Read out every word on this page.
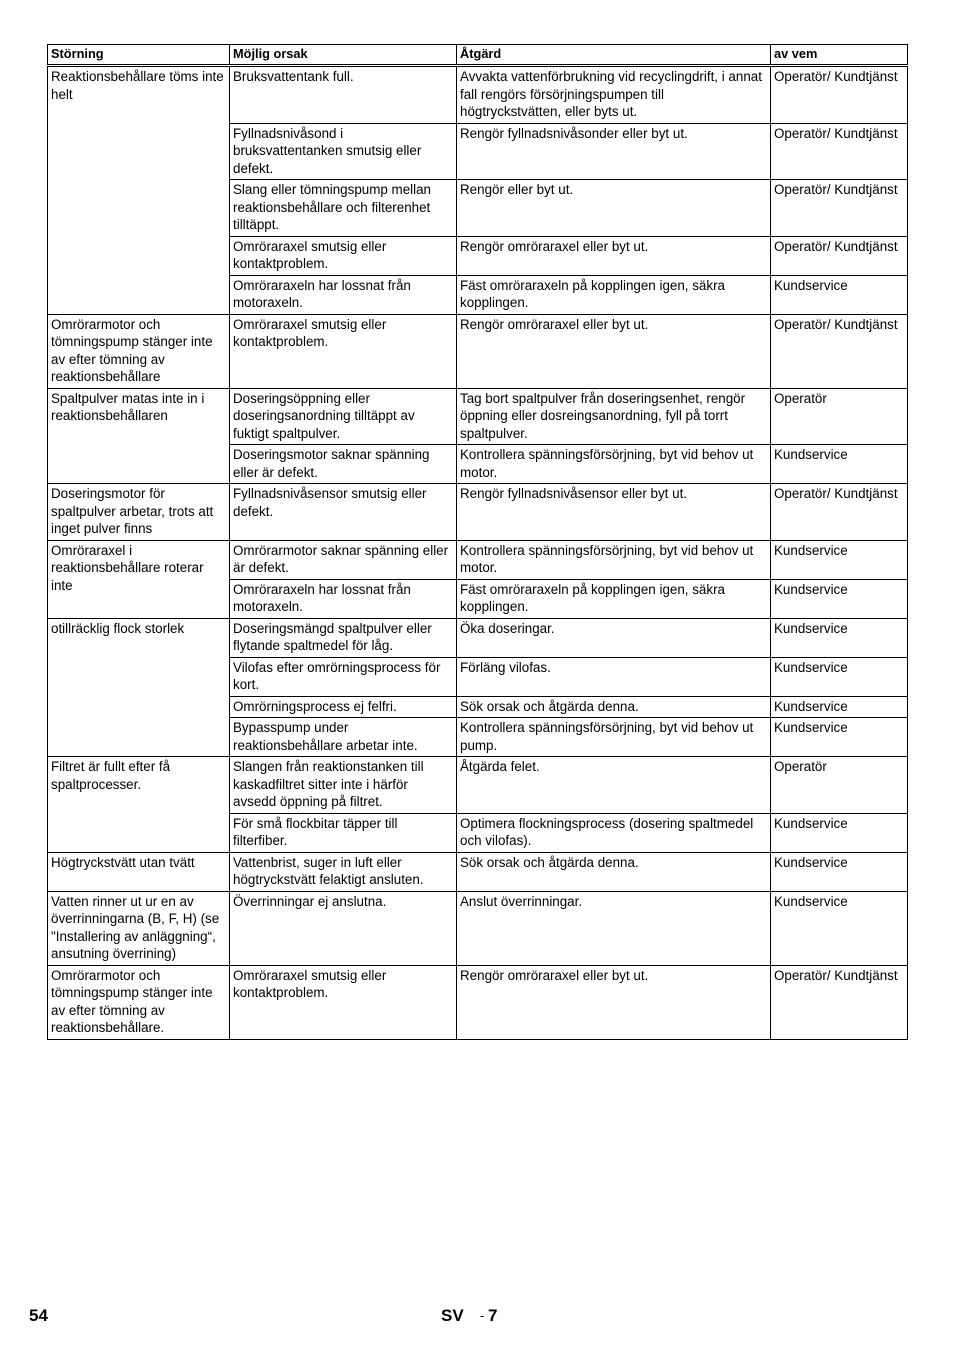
Störning	Möjlig orsak	Åtgärd	av vem
Reaktionsbehållare töms inte helt	Bruksvattentank full.	Avvakta vattenförbrukning vid recyclingdrift, i annat fall rengörs försörjningspumpen till högtryckstvätten, eller byts ut.	Operatör/ Kundtjänst
	Fyllnadsnivåsond i bruksvattentanken smutsig eller defekt.	Rengör fyllnadsnivåsonder eller byt ut.	Operatör/ Kundtjänst
	Slang eller tömningspump mellan reaktionsbehållare och filterenhet tilltäppt.	Rengör eller byt ut.	Operatör/ Kundtjänst
	Omröraraxel smutsig eller kontaktproblem.	Rengör omröraraxel eller byt ut.	Operatör/ Kundtjänst
	Omröraraxeln har lossnat från motoraxeln.	Fäst omröraraxeln på kopplingen igen, säkra kopplingen.	Kundservice
Omrörarmotor och tömningspump stänger inte av efter tömning av reaktionsbehållare	Omröraraxel smutsig eller kontaktproblem.	Rengör omröraraxel eller byt ut.	Operatör/ Kundtjänst
Spaltpulver matas inte in i reaktionsbehållaren	Doseringsöppning eller doseringsanordning tilltäppt av fuktigt spaltpulver.	Tag bort spaltpulver från doseringsenhet, rengör öppning eller dosreingsanordning, fyll på torrt spaltpulver.	Operatör
	Doseringsmotor saknar spänning eller är defekt.	Kontrollera spänningsförsörjning, byt vid behov ut motor.	Kundservice
Doseringsmotor för spaltpulver arbetar, trots att inget pulver finns	Fyllnadsnivåsensor smutsig eller defekt.	Rengör fyllnadsnivåsensor eller byt ut.	Operatör/ Kundtjänst
Omröraraxel i reaktionsbehållare roterar inte	Omrörarmotor saknar spänning eller är defekt.	Kontrollera spänningsförsörjning, byt vid behov ut motor.	Kundservice
	Omröraraxeln har lossnat från motoraxeln.	Fäst omröraraxeln på kopplingen igen, säkra kopplingen.	Kundservice
otillräcklig flock storlek	Doseringsmängd spaltpulver eller flytande spaltmedel för låg.	Öka doseringar.	Kundservice
	Vilofas efter omrörningsprocess för kort.	Förläng vilofas.	Kundservice
	Omrörningsprocess ej felfri.	Sök orsak och åtgärda denna.	Kundservice
	Bypasspump under reaktionsbehållare arbetar inte.	Kontrollera spänningsförsörjning, byt vid behov ut pump.	Kundservice
Filtret är fullt efter få spaltprocesser.	Slangen från reaktionstanken till kaskadfiltret sitter inte i härför avsedd öppning på filtret.	Åtgärda felet.	Operatör
	För små flockbitar täpper till filterfiber.	Optimera flockningsprocess (dosering spaltmedel och vilofas).	Kundservice
Högtryckstvätt utan tvätt	Vattenbrist, suger in luft eller högtryckstvätt felaktigt ansluten.	Sök orsak och åtgärda denna.	Kundservice
Vatten rinner ut ur en av överrinningarna (B, F, H) (se "Installering av anläggning“, ansutning överrining)	Överrinningar ej anslutna.	Anslut överrinningar.	Kundservice
Omrörarmotor och tömningspump stänger inte av efter tömning av reaktionsbehållare.	Omröraraxel smutsig eller kontaktproblem.	Rengör omröraraxel eller byt ut.	Operatör/ Kundtjänst
54	SV - 7
